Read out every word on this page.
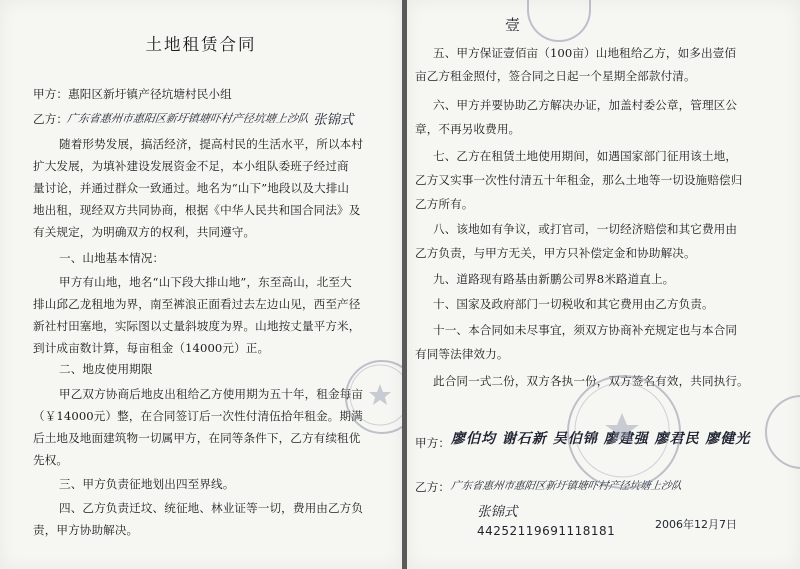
土地租赁合同
甲方：惠阳区新圩镇产径坑塘村民小组
乙方：
广东省惠州市惠阳区新圩镇塘吓村产径坑塘上沙队 张锦式
随着形势发展，搞活经济，提高村民的生活水平，所以本村
扩大发展，为填补建设发展资金不足，本小组队委班子经过商
量讨论，并通过群众一致通过。地名为“山下”地段以及大排山
地出租，现经双方共同协商，根据《中华人民共和国合同法》及
有关规定，为明确双方的权利，共同遵守。
一、山地基本情况：
甲方有山地，地名“山下段大排山地”，东至高山，北至大
排山邱乙龙租地为界，南至裤浪正面看过去左边山见，西至产径
新社村田塞地，实际图以丈量斜坡度为界。山地按丈量平方米，
到计成亩数计算，每亩租金（14000元）正。
二、地皮使用期限
甲乙双方协商后地皮出租给乙方使用期为五十年，租金每亩
（￥14000元）整，在合同签订后一次性付清伍拾年租金。期满
后土地及地面建筑物一切属甲方，在同等条件下，乙方有续租优
先权。
三、甲方负责征地划出四至界线。
四、乙方负责迁坟、统征地、林业证等一切，费用由乙方负
责，甲方协助解决。
壹
五、甲方保证壹佰亩（100亩）山地租给乙方，如多出壹佰
亩乙方租金照付，签合同之日起一个星期全部款付清。
六、甲方并要协助乙方解决办证，加盖村委公章，管理区公
章，不再另收费用。
七、乙方在租赁土地使用期间，如遇国家部门征用该土地，
乙方又实事一次性付清五十年租金，那么土地等一切设施赔偿归
乙方所有。
八、该地如有争议，或打官司，一切经济赔偿和其它费用由
乙方负责，与甲方无关，甲方只补偿定金和协助解决。
九、道路现有路基由新鹏公司界8米路道直上。
十、国家及政府部门一切税收和其它费用由乙方负责。
十一、本合同如未尽事宜，须双方协商补充规定也与本合同
有同等法律效力。
此合同一式二份，双方各执一份，双方签名有效，共同执行。
甲方： 廖伯均 谢石新 吴伯锦 廖建强 廖君民 廖健光
乙方： 广东省惠州市惠阳区新圩镇塘吓村产径坑塘上沙队
张锦式
44252119691118181	2006年12月7日
